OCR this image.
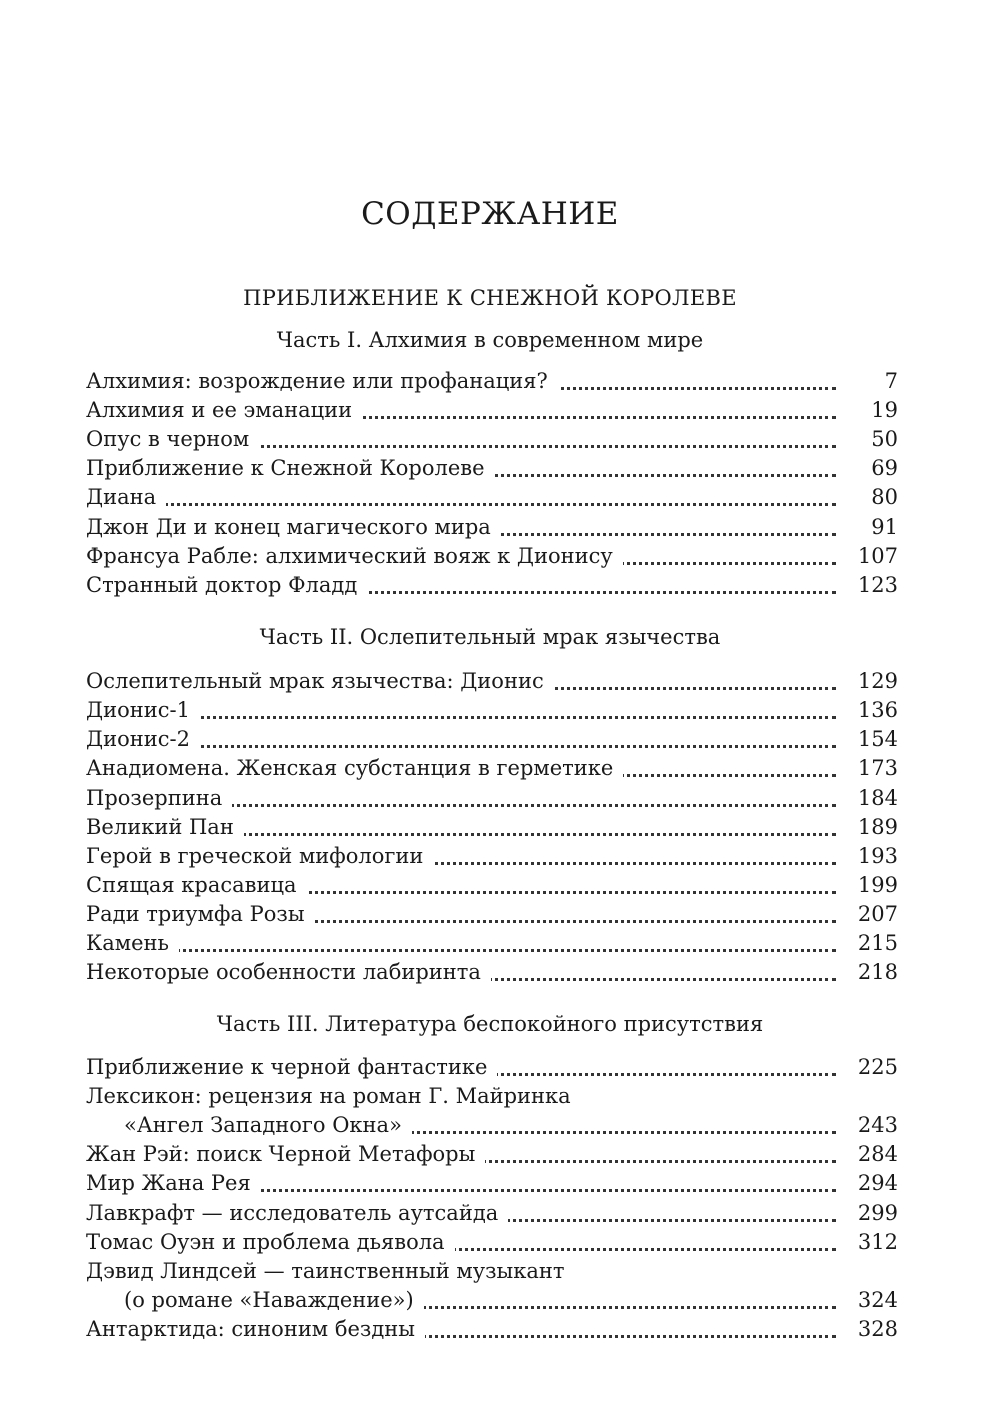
СОДЕРЖАНИЕ
ПРИБЛИЖЕНИЕ К СНЕЖНОЙ КОРОЛЕВЕ
Часть I. Алхимия в современном мире
Алхимия: возрождение или профанация?	7
Алхимия и ее эманации	19
Опус в черном	50
Приближение к Снежной Королеве	69
Диана	80
Джон Ди и конец магического мира	91
Франсуа Рабле: алхимический вояж к Дионису	107
Странный доктор Фладд	123
Часть II. Ослепительный мрак язычества
Ослепительный мрак язычества: Дионис	129
Дионис-1	136
Дионис-2	154
Анадиомена. Женская субстанция в герметике	173
Прозерпина	184
Великий Пан	189
Герой в греческой мифологии	193
Спящая красавица	199
Ради триумфа Розы	207
Камень	215
Некоторые особенности лабиринта	218
Часть III. Литература беспокойного присутствия
Приближение к черной фантастике	225
Лексикон: рецензия на роман Г. Майринка
«Ангел Западного Окна»	243
Жан Рэй: поиск Черной Метафоры	284
Мир Жана Рея	294
Лавкрафт — исследователь аутсайда	299
Томас Оуэн и проблема дьявола	312
Дэвид Линдсей — таинственный музыкант
(о романе «Наваждение»)	324
Антарктида: синоним бездны	328
